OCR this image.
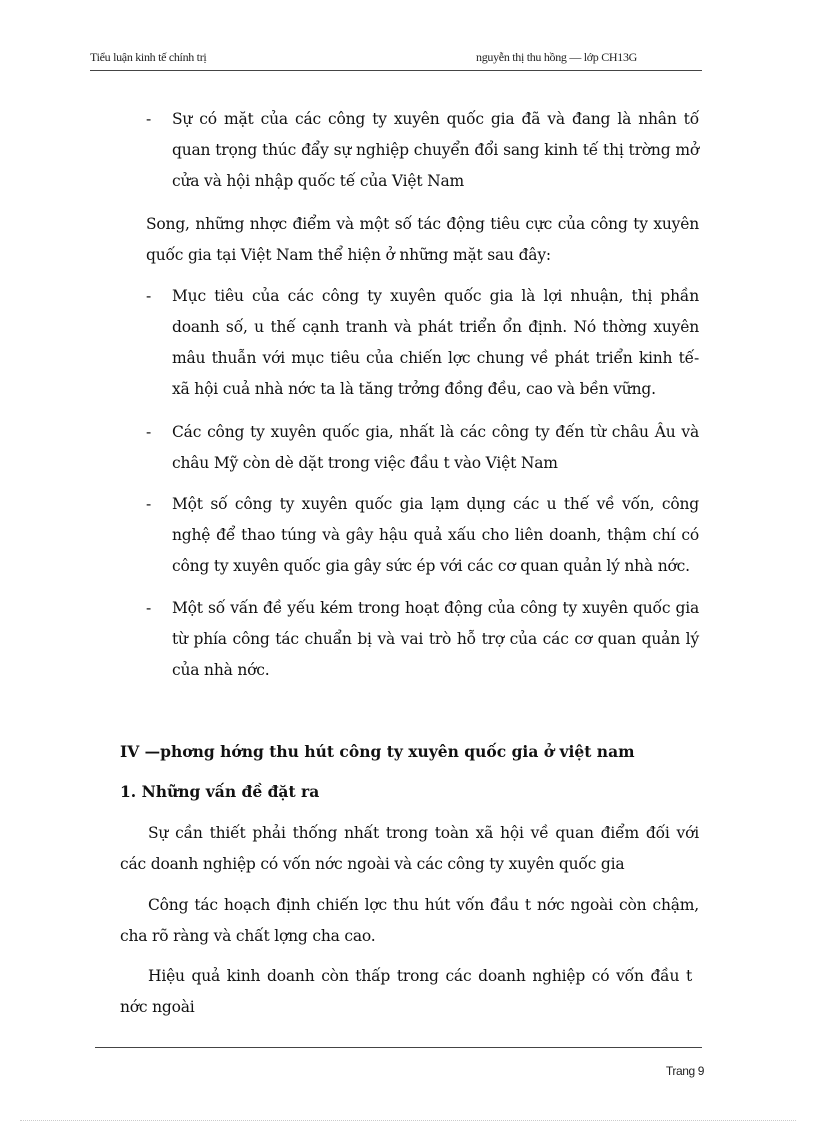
Tiểu luận kinh tế chính trị	nguyễn thị thu hồng — lớp CH13G
- Sự có mặt của các công ty xuyên quốc gia đã và đang là nhân tố quan trọng thúc đẩy sự nghiệp chuyển đổi sang kinh tế thị trờng mở cửa và hội nhập quốc tế của Việt Nam
Song, những nhợc điểm và một số tác động tiêu cực của công ty xuyên quốc gia tại Việt Nam thể hiện ở những mặt sau đây:
- Mục tiêu của các công ty xuyên quốc gia là lợi nhuận, thị phần doanh số, u thế cạnh tranh và phát triển ổn định. Nó thờng xuyên mâu thuẫn với mục tiêu của chiến lợc chung về phát triển kinh tế- xã hội cuả nhà nớc ta là tăng trởng đồng đều, cao và bền vững.
- Các công ty xuyên quốc gia, nhất là các công ty đến từ châu Âu và châu Mỹ còn dè dặt trong việc đầu t vào Việt Nam
- Một số công ty xuyên quốc gia lạm dụng các u thế về vốn, công nghệ để thao túng và gây hậu quả xấu cho liên doanh, thậm chí có công ty xuyên quốc gia gây sức ép với các cơ quan quản lý nhà nớc.
- Một số vấn đề yếu kém trong hoạt động của công ty xuyên quốc gia từ phía công tác chuẩn bị và vai trò hỗ trợ của các cơ quan quản lý của nhà nớc.
IV —phơng hớng thu hút công ty xuyên quốc gia ở việt nam
1. Những vấn đề đặt ra
Sự cần thiết phải thống nhất trong toàn xã hội về quan điểm đối với các doanh nghiệp có vốn nớc ngoài và các công ty xuyên quốc gia
Công tác hoạch định chiến lợc thu hút vốn đầu t nớc ngoài còn chậm, cha rõ ràng và chất lợng cha cao.
Hiệu quả kinh doanh còn thấp trong các doanh nghiệp có vốn đầu t nớc ngoài
Trang 9
